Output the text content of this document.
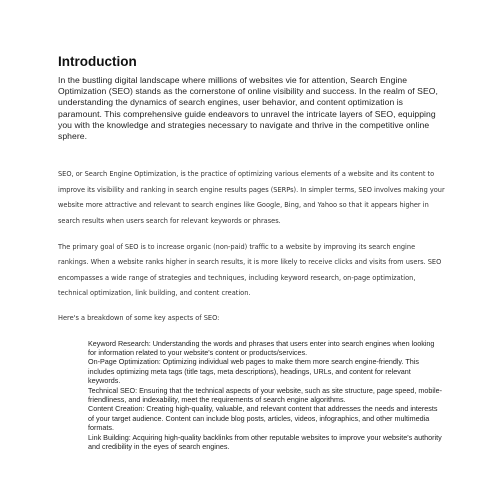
Introduction

In the bustling digital landscape where millions of websites vie for attention, Search Engine Optimization (SEO) stands as the cornerstone of online visibility and success. In the realm of SEO, understanding the dynamics of search engines, user behavior, and content optimization is paramount. This comprehensive guide endeavors to unravel the intricate layers of SEO, equipping you with the knowledge and strategies necessary to navigate and thrive in the competitive online sphere.

SEO, or Search Engine Optimization, is the practice of optimizing various elements of a website and its content to improve its visibility and ranking in search engine results pages (SERPs). In simpler terms, SEO involves making your website more attractive and relevant to search engines like Google, Bing, and Yahoo so that it appears higher in search results when users search for relevant keywords or phrases.

The primary goal of SEO is to increase organic (non-paid) traffic to a website by improving its search engine rankings. When a website ranks higher in search results, it is more likely to receive clicks and visits from users. SEO encompasses a wide range of strategies and techniques, including keyword research, on-page optimization, technical optimization, link building, and content creation.

Here's a breakdown of some key aspects of SEO:

Keyword Research: Understanding the words and phrases that users enter into search engines when looking for information related to your website's content or products/services.
On-Page Optimization: Optimizing individual web pages to make them more search engine-friendly. This includes optimizing meta tags (title tags, meta descriptions), headings, URLs, and content for relevant keywords.
Technical SEO: Ensuring that the technical aspects of your website, such as site structure, page speed, mobile-friendliness, and indexability, meet the requirements of search engine algorithms.
Content Creation: Creating high-quality, valuable, and relevant content that addresses the needs and interests of your target audience. Content can include blog posts, articles, videos, infographics, and other multimedia formats.
Link Building: Acquiring high-quality backlinks from other reputable websites to improve your website's authority and credibility in the eyes of search engines.
